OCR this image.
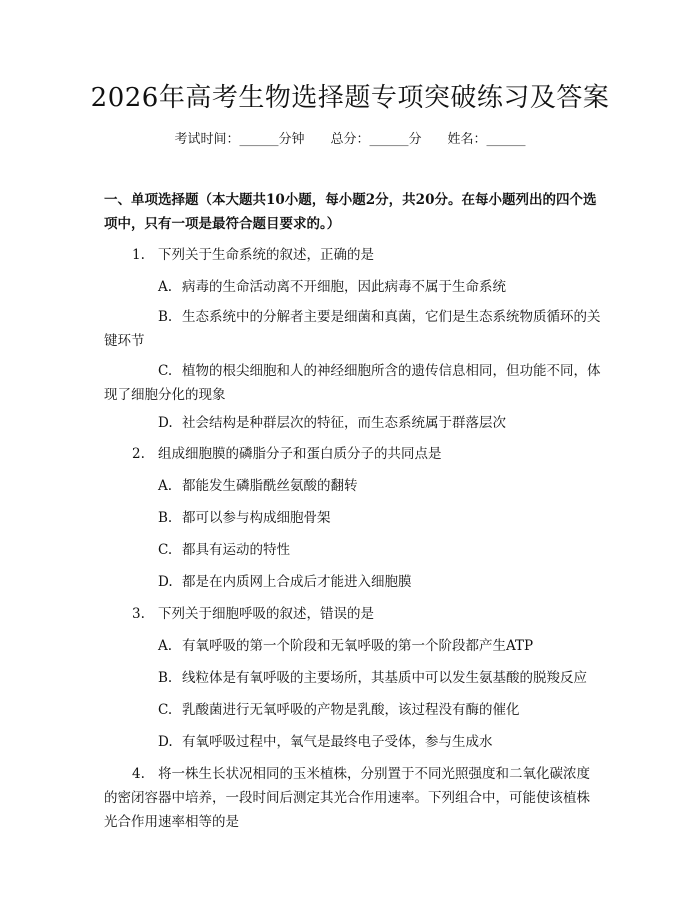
2026年高考生物选择题专项突破练习及答案
考试时间：______分钟 总分：______分 姓名：______
一、单项选择题（本大题共10小题，每小题2分，共20分。在每小题列出的四个选项中，只有一项是最符合题目要求的。）
1. 下列关于生命系统的叙述，正确的是
A. 病毒的生命活动离不开细胞，因此病毒不属于生命系统
B. 生态系统中的分解者主要是细菌和真菌，它们是生态系统物质循环的关键环节
C. 植物的根尖细胞和人的神经细胞所含的遗传信息相同，但功能不同，体现了细胞分化的现象
D. 社会结构是种群层次的特征，而生态系统属于群落层次
2. 组成细胞膜的磷脂分子和蛋白质分子的共同点是
A. 都能发生磷脂酰丝氨酸的翻转
B. 都可以参与构成细胞骨架
C. 都具有运动的特性
D. 都是在内质网上合成后才能进入细胞膜
3. 下列关于细胞呼吸的叙述，错误的是
A. 有氧呼吸的第一个阶段和无氧呼吸的第一个阶段都产生ATP
B. 线粒体是有氧呼吸的主要场所，其基质中可以发生氨基酸的脱羧反应
C. 乳酸菌进行无氧呼吸的产物是乳酸，该过程没有酶的催化
D. 有氧呼吸过程中，氧气是最终电子受体，参与生成水
4. 将一株生长状况相同的玉米植株，分别置于不同光照强度和二氧化碳浓度的密闭容器中培养，一段时间后测定其光合作用速率。下列组合中，可能使该植株光合作用速率相等的是
